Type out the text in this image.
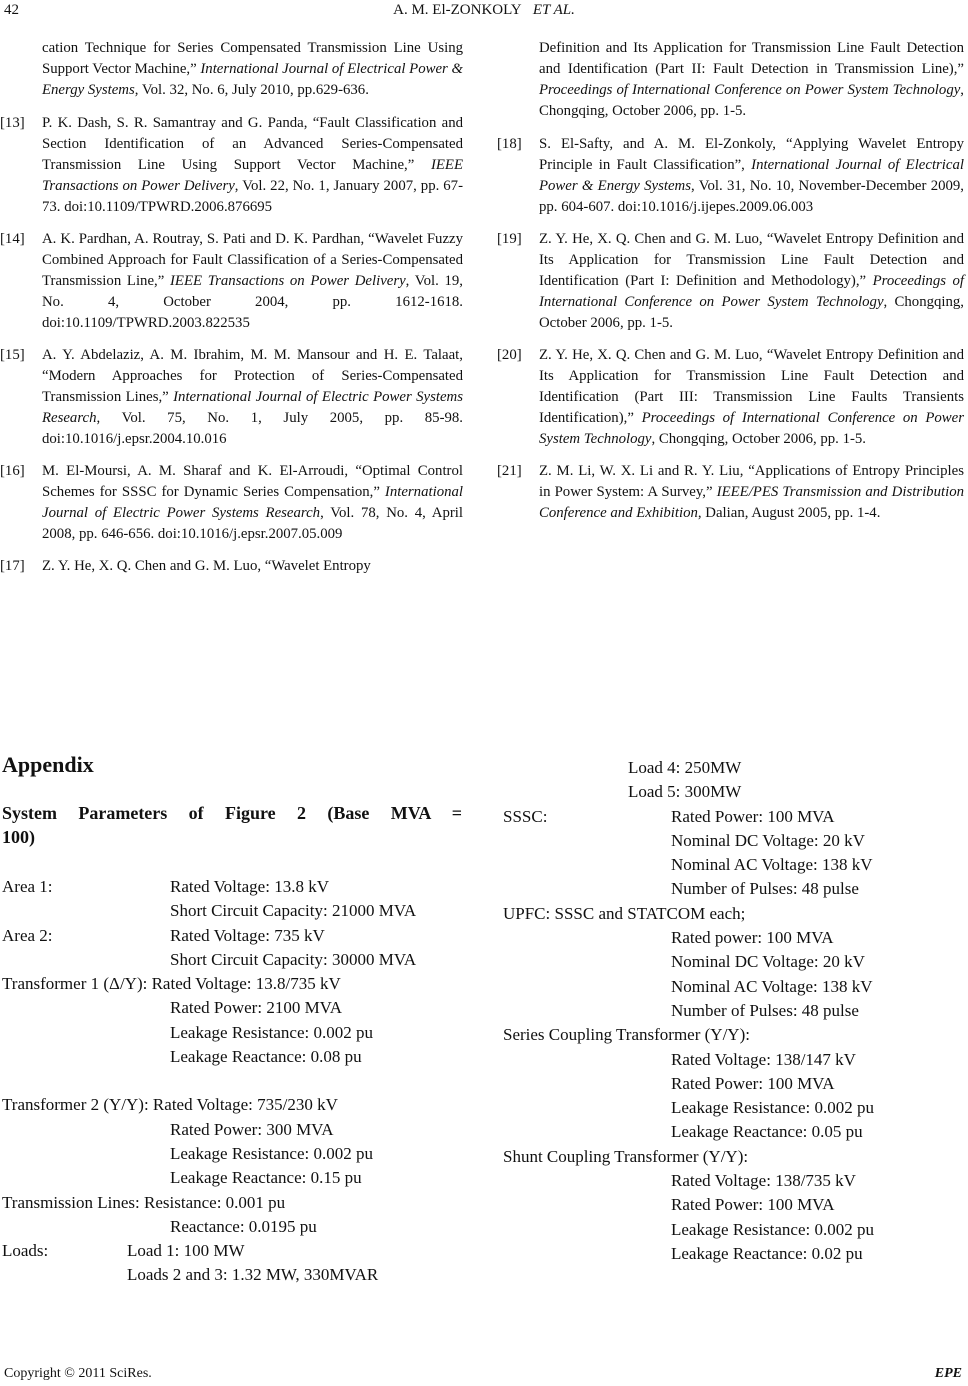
42	A. M. El-ZONKOLY ET AL.
cation Technique for Series Compensated Transmission Line Using Support Vector Machine,” International Journal of Electrical Power & Energy Systems, Vol. 32, No. 6, July 2010, pp.629-636.
[13] P. K. Dash, S. R. Samantray and G. Panda, “Fault Classification and Section Identification of an Advanced Series-Compensated Transmission Line Using Support Vector Machine,” IEEE Transactions on Power Delivery, Vol. 22, No. 1, January 2007, pp. 67-73. doi:10.1109/TPWRD.2006.876695
[14] A. K. Pardhan, A. Routray, S. Pati and D. K. Pardhan, “Wavelet Fuzzy Combined Approach for Fault Classification of a Series-Compensated Transmission Line,” IEEE Transactions on Power Delivery, Vol. 19, No. 4, October 2004, pp. 1612-1618. doi:10.1109/TPWRD.2003.822535
[15] A. Y. Abdelaziz, A. M. Ibrahim, M. M. Mansour and H. E. Talaat, “Modern Approaches for Protection of Series-Compensated Transmission Lines,” International Journal of Electric Power Systems Research, Vol. 75, No. 1, July 2005, pp. 85-98. doi:10.1016/j.epsr.2004.10.016
[16] M. El-Moursi, A. M. Sharaf and K. El-Arroudi, “Optimal Control Schemes for SSSC for Dynamic Series Compensation,” International Journal of Electric Power Systems Research, Vol. 78, No. 4, April 2008, pp. 646-656. doi:10.1016/j.epsr.2007.05.009
[17] Z. Y. He, X. Q. Chen and G. M. Luo, “Wavelet Entropy
Definition and Its Application for Transmission Line Fault Detection and Identification (Part II: Fault Detection in Transmission Line),” Proceedings of International Conference on Power System Technology, Chongqing, October 2006, pp. 1-5.
[18] S. El-Safty, and A. M. El-Zonkoly, “Applying Wavelet Entropy Principle in Fault Classification”, International Journal of Electrical Power & Energy Systems, Vol. 31, No. 10, November-December 2009, pp. 604-607. doi:10.1016/j.ijepes.2009.06.003
[19] Z. Y. He, X. Q. Chen and G. M. Luo, “Wavelet Entropy Definition and Its Application for Transmission Line Fault Detection and Identification (Part I: Definition and Methodology),” Proceedings of International Conference on Power System Technology, Chongqing, October 2006, pp. 1-5.
[20] Z. Y. He, X. Q. Chen and G. M. Luo, “Wavelet Entropy Definition and Its Application for Transmission Line Fault Detection and Identification (Part III: Transmission Line Faults Transients Identification),” Proceedings of International Conference on Power System Technology, Chongqing, October 2006, pp. 1-5.
[21] Z. M. Li, W. X. Li and R. Y. Liu, “Applications of Entropy Principles in Power System: A Survey,” IEEE/PES Transmission and Distribution Conference and Exhibition, Dalian, August 2005, pp. 1-4.
Appendix
System Parameters of Figure 2 (Base MVA =
100)
Area 1:	Rated Voltage: 13.8 kV
Short Circuit Capacity: 21000 MVA
Area 2:	Rated Voltage: 735 kV
Short Circuit Capacity: 30000 MVA
Transformer 1 (Δ/Y): Rated Voltage: 13.8/735 kV
Rated Power: 2100 MVA
Leakage Resistance: 0.002 pu
Leakage Reactance: 0.08 pu
Transformer 2 (Y/Y): Rated Voltage: 735/230 kV
Rated Power: 300 MVA
Leakage Resistance: 0.002 pu
Leakage Reactance: 0.15 pu
Transmission Lines: Resistance: 0.001 pu
Reactance: 0.0195 pu
Loads:	Load 1: 100 MW
Loads 2 and 3: 1.32 MW, 330MVAR
Load 4: 250MW
Load 5: 300MW
SSSC:	Rated Power: 100 MVA
Nominal DC Voltage: 20 kV
Nominal AC Voltage: 138 kV
Number of Pulses: 48 pulse
UPFC: SSSC and STATCOM each;
Rated power: 100 MVA
Nominal DC Voltage: 20 kV
Nominal AC Voltage: 138 kV
Number of Pulses: 48 pulse
Series Coupling Transformer (Y/Y):
Rated Voltage: 138/147 kV
Rated Power: 100 MVA
Leakage Resistance: 0.002 pu
Leakage Reactance: 0.05 pu
Shunt Coupling Transformer (Y/Y):
Rated Voltage: 138/735 kV
Rated Power: 100 MVA
Leakage Resistance: 0.002 pu
Leakage Reactance: 0.02 pu
Copyright © 2011 SciRes.	EPE
